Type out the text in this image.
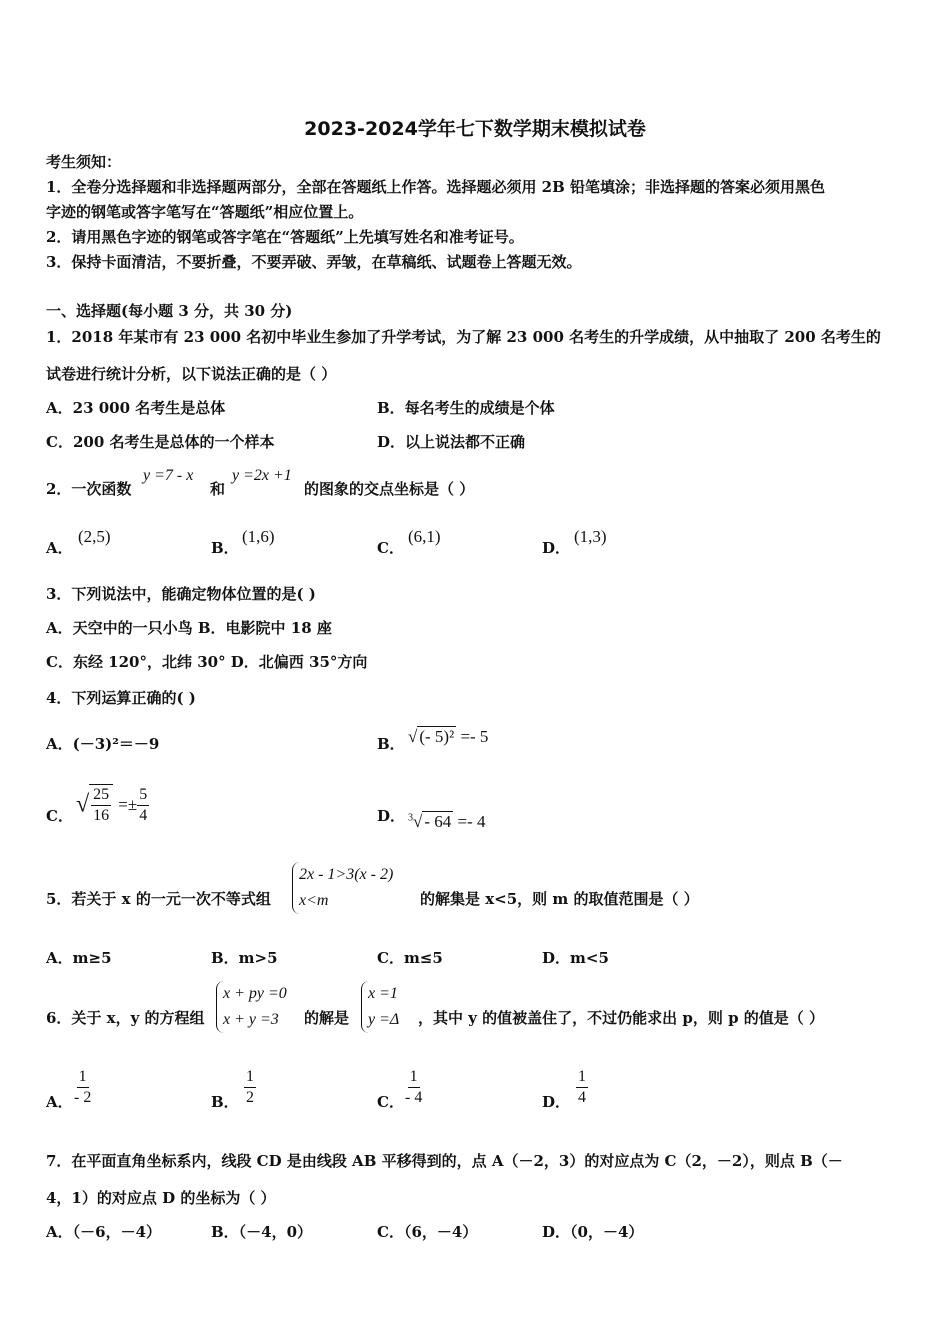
2023-2024学年七下数学期末模拟试卷
考生须知：
1．全卷分选择题和非选择题两部分，全部在答题纸上作答。选择题必须用 2B 铅笔填涂；非选择题的答案必须用黑色
字迹的钢笔或答字笔写在“答题纸”相应位置上。
2．请用黑色字迹的钢笔或答字笔在“答题纸”上先填写姓名和准考证号。
3．保持卡面清洁，不要折叠，不要弄破、弄皱，在草稿纸、试题卷上答题无效。
一、选择题(每小题 3 分，共 30 分)
1．2018 年某市有 23 000 名初中毕业生参加了升学考试，为了解 23 000 名考生的升学成绩，从中抽取了 200 名考生的
试卷进行统计分析，以下说法正确的是（ ）
A．23 000 名考生是总体	B．每名考生的成绩是个体
C．200 名考生是总体的一个样本	D．以上说法都不正确
2．一次函数
y =7 - x
和
y =2x +1
的图象的交点坐标是（ ）
A．
(2,5)
B．
(1,6)
C．
(6,1)
D．
(1,3)
3．下列说法中，能确定物体位置的是( )
A．天空中的一只小鸟 B．电影院中 18 座
C．东经 120°，北纬 30° D．北偏西 35°方向
4．下列运算正确的( )
A．(－3)²＝－9	B． √ (- 5)² =- 5
C． √ $\frac{25}{16} =\pm \frac{5}{4}$	D． $^3$√ - 64 =- 4
5．若关于 x 的一元一次不等式组
2x - 1>3(x - 2)
x<m	的解集是 x<5，则 m 的取值范围是（ ）
A．m≥5	B．m>5	C．m≤5	D．m<5
6．关于 x，y 的方程组
x + py =0
x + y =3	的解是
x =1
y =Δ ，其中 y 的值被盖住了，不过仍能求出 p，则 p 的值是（ ）
A． $\frac{1}{- 2}$	B． $\frac{1}{2}$	C． $\frac{1}{- 4}$	D． $\frac{1}{4}$
7．在平面直角坐标系内，线段 CD 是由线段 AB 平移得到的，点 A（－2，3）的对应点为 C（2，－2），则点 B（－
4，1）的对应点 D 的坐标为（ ）
A．（－6，－4）	B．（－4，0）	C．（6，－4）	D．（0，－4）
